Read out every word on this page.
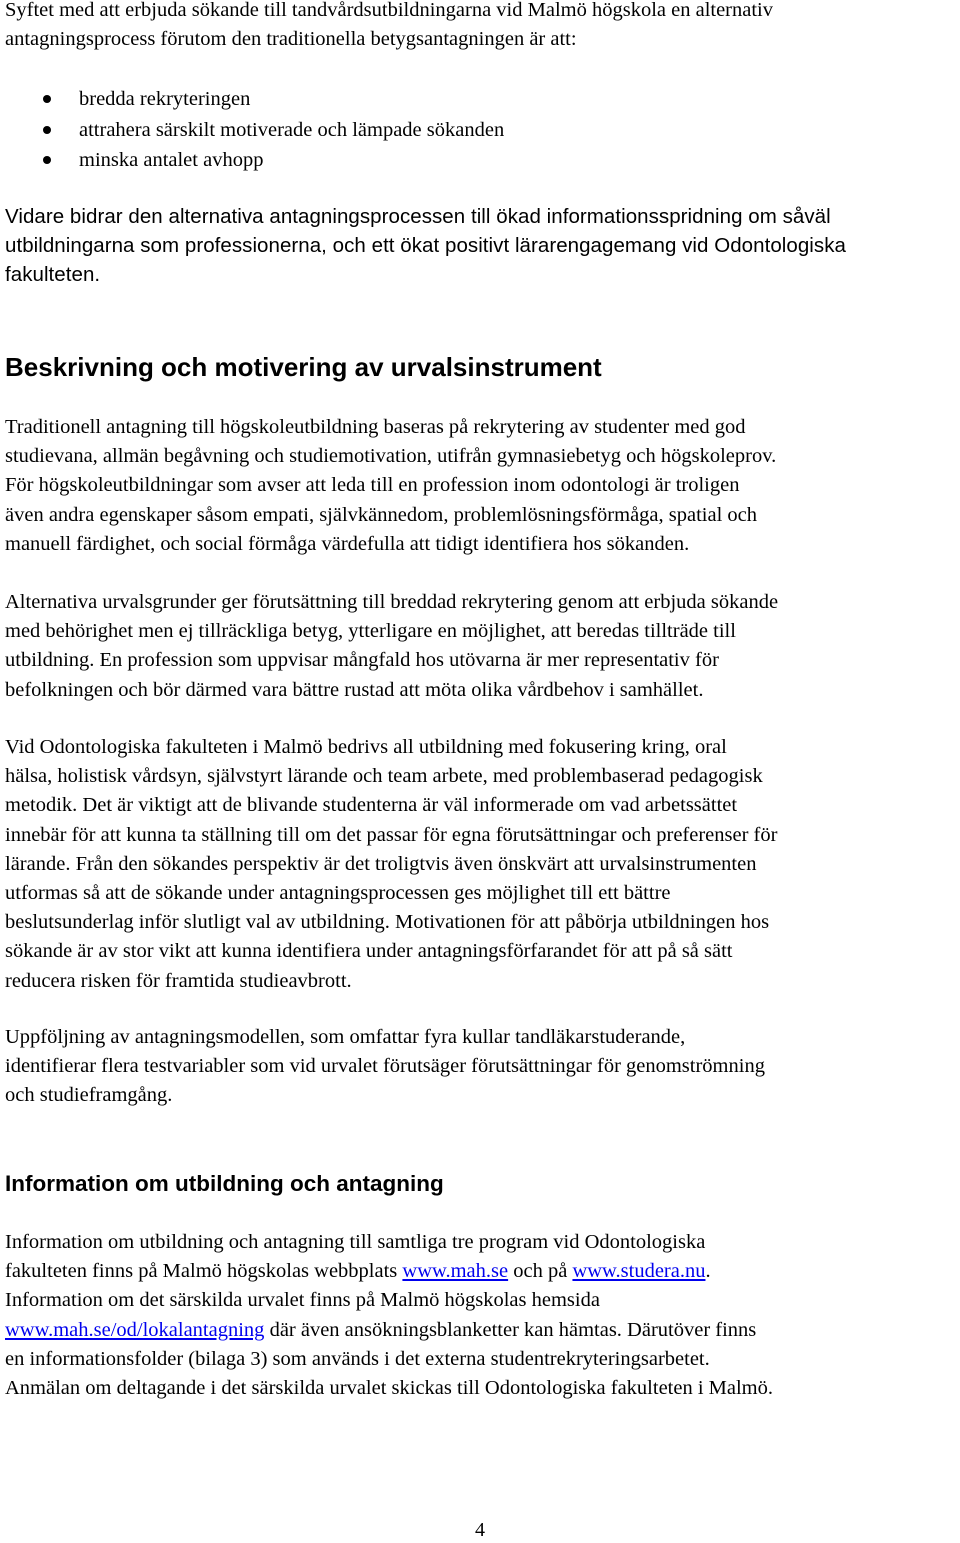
Syftet med att erbjuda sökande till tandvårdsutbildningarna vid Malmö högskola en alternativ
antagningsprocess förutom den traditionella betygsantagningen är att:

bredda rekryteringen
attrahera särskilt motiverade och lämpade sökanden
minska antalet avhopp

Vidare bidrar den alternativa antagningsprocessen till ökad informationsspridning om såväl
utbildningarna som professionerna, och ett ökat positivt lärarengagemang vid Odontologiska
fakulteten.

Beskrivning och motivering av urvalsinstrument

Traditionell antagning till högskoleutbildning baseras på rekrytering av studenter med god
studievana, allmän begåvning och studiemotivation, utifrån gymnasiebetyg och högskoleprov.
För högskoleutbildningar som avser att leda till en profession inom odontologi är troligen
även andra egenskaper såsom empati, självkännedom, problemlösningsförmåga, spatial och
manuell färdighet, och social förmåga värdefulla att tidigt identifiera hos sökanden.

Alternativa urvalsgrunder ger förutsättning till breddad rekrytering genom att erbjuda sökande
med behörighet men ej tillräckliga betyg, ytterligare en möjlighet, att beredas tillträde till
utbildning. En profession som uppvisar mångfald hos utövarna är mer representativ för
befolkningen och bör därmed vara bättre rustad att möta olika vårdbehov i samhället.

Vid Odontologiska fakulteten i Malmö bedrivs all utbildning med fokusering kring, oral
hälsa, holistisk vårdsyn, självstyrt lärande och team arbete, med problembaserad pedagogisk
metodik. Det är viktigt att de blivande studenterna är väl informerade om vad arbetssättet
innebär för att kunna ta ställning till om det passar för egna förutsättningar och preferenser för
lärande. Från den sökandes perspektiv är det troligtvis även önskvärt att urvalsinstrumenten
utformas så att de sökande under antagningsprocessen ges möjlighet till ett bättre
beslutsunderlag inför slutligt val av utbildning. Motivationen för att påbörja utbildningen hos
sökande är av stor vikt att kunna identifiera under antagningsförfarandet för att på så sätt
reducera risken för framtida studieavbrott.

Uppföljning av antagningsmodellen, som omfattar fyra kullar tandläkarstuderande,
identifierar flera testvariabler som vid urvalet förutsäger förutsättningar för genomströmning
och studieframgång.

Information om utbildning och antagning

Information om utbildning och antagning till samtliga tre program vid Odontologiska
fakulteten finns på Malmö högskolas webbplats www.mah.se och på www.studera.nu.
Information om det särskilda urvalet finns på Malmö högskolas hemsida
www.mah.se/od/lokalantagning där även ansökningsblanketter kan hämtas. Därutöver finns
en informationsfolder (bilaga 3) som används i det externa studentrekryteringsarbetet.
Anmälan om deltagande i det särskilda urvalet skickas till Odontologiska fakulteten i Malmö.

4
